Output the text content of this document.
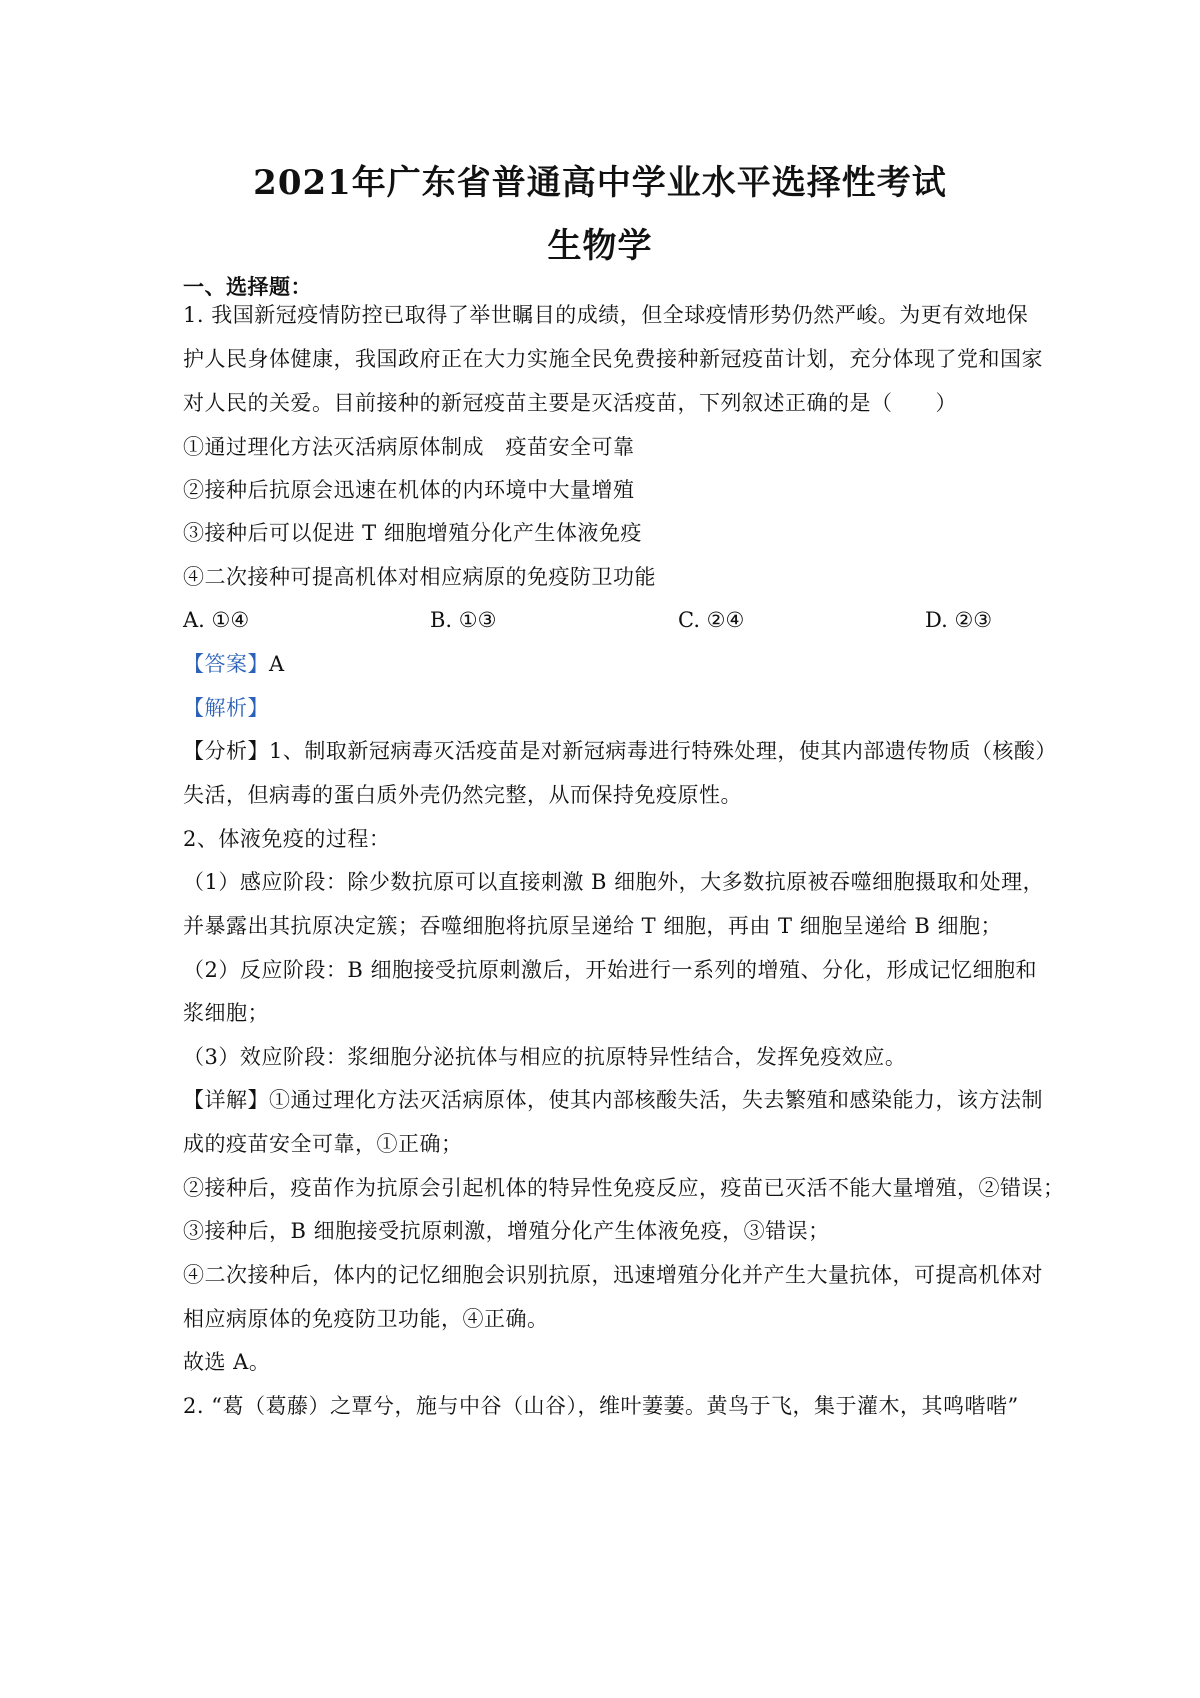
2021年广东省普通高中学业水平选择性考试
生物学
一、选择题：
1. 我国新冠疫情防控已取得了举世瞩目的成绩，但全球疫情形势仍然严峻。为更有效地保
护人民身体健康，我国政府正在大力实施全民免费接种新冠疫苗计划，充分体现了党和国家
对人民的关爱。目前接种的新冠疫苗主要是灭活疫苗，下列叙述正确的是（　　）
①通过理化方法灭活病原体制成　疫苗安全可靠
②接种后抗原会迅速在机体的内环境中大量增殖
③接种后可以促进 T 细胞增殖分化产生体液免疫
④二次接种可提高机体对相应病原的免疫防卫功能
A. ①④	B. ①③	C. ②④	D. ②③
【答案】A
【解析】
【分析】1、制取新冠病毒灭活疫苗是对新冠病毒进行特殊处理，使其内部遗传物质（核酸）
失活，但病毒的蛋白质外壳仍然完整，从而保持免疫原性。
2、体液免疫的过程：
（1）感应阶段：除少数抗原可以直接刺激 B 细胞外，大多数抗原被吞噬细胞摄取和处理，
并暴露出其抗原决定簇；吞噬细胞将抗原呈递给 T 细胞，再由 T 细胞呈递给 B 细胞；
（2）反应阶段：B 细胞接受抗原刺激后，开始进行一系列的增殖、分化，形成记忆细胞和
浆细胞；
（3）效应阶段：浆细胞分泌抗体与相应的抗原特异性结合，发挥免疫效应。
【详解】①通过理化方法灭活病原体，使其内部核酸失活，失去繁殖和感染能力，该方法制
成的疫苗安全可靠，①正确；
②接种后，疫苗作为抗原会引起机体的特异性免疫反应，疫苗已灭活不能大量增殖，②错误；
③接种后，B 细胞接受抗原刺激，增殖分化产生体液免疫，③错误；
④二次接种后，体内的记忆细胞会识别抗原，迅速增殖分化并产生大量抗体，可提高机体对
相应病原体的免疫防卫功能，④正确。
故选 A。
2. “葛（葛藤）之覃兮，施与中谷（山谷），维叶萋萋。黄鸟于飞，集于灌木，其鸣喈喈”
